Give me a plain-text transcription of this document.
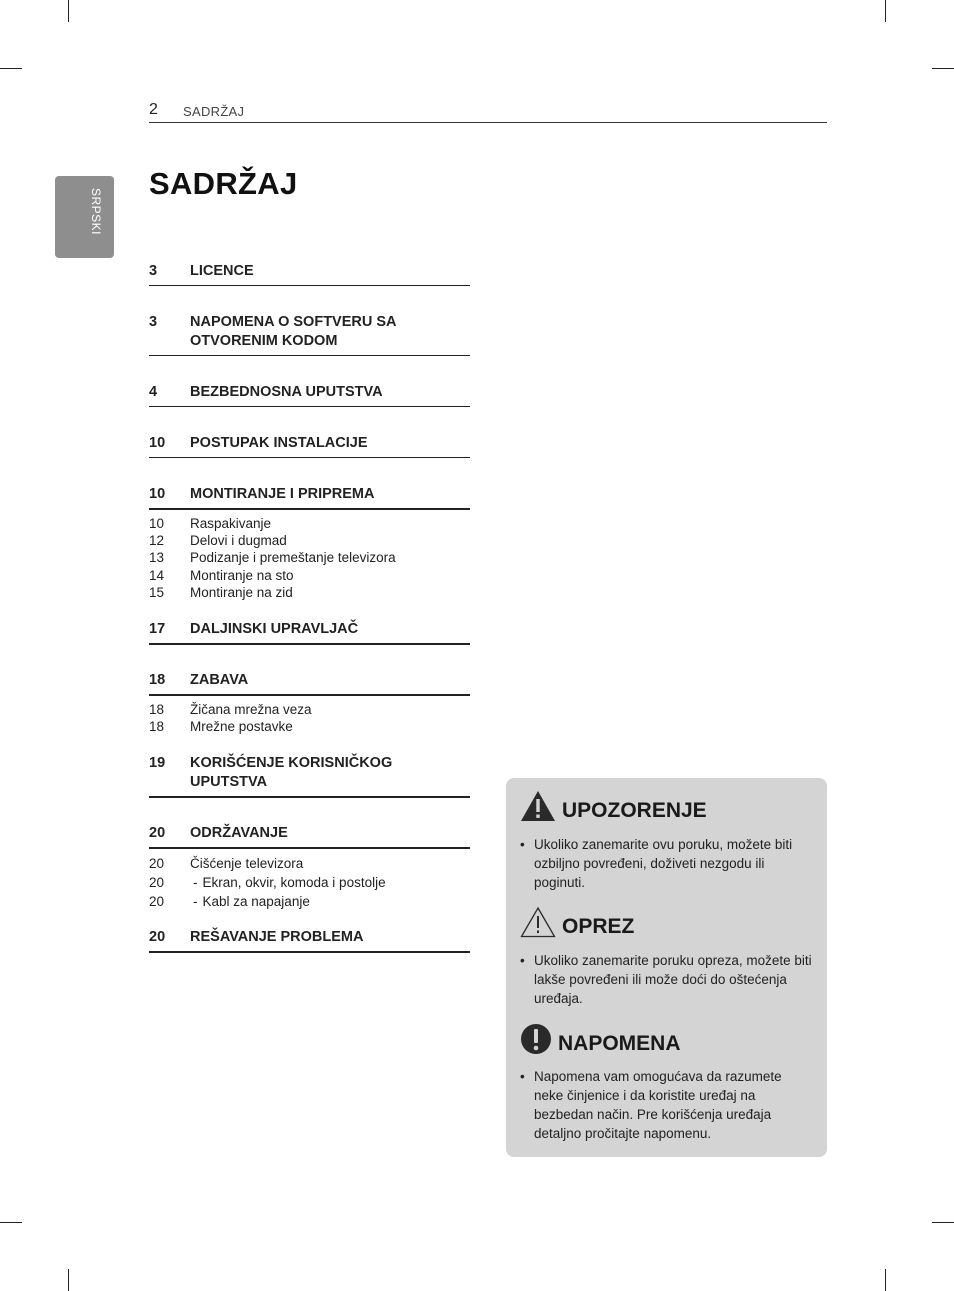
2 SADRŽAJ
SRPSKI
SADRŽAJ
3	LICENCE
3	NAPOMENA O SOFTVERU SA OTVORENIM KODOM
4	BEZBEDNOSNA UPUTSTVA
10	POSTUPAK INSTALACIJE
10	MONTIRANJE I PRIPREMA
10	Raspakivanje
12	Delovi i dugmad
13	Podizanje i premeštanje televizora
14	Montiranje na sto
15	Montiranje na zid
17	DALJINSKI UPRAVLJAČ
18	ZABAVA
18	Žičana mrežna veza
18	Mrežne postavke
19	KORIŠĆENJE KORISNIČKOG UPUTSTVA
20	ODRŽAVANJE
20	Čišćenje televizora
20	- Ekran, okvir, komoda i postolje
20	- Kabl za napajanje
20	REŠAVANJE PROBLEMA
UPOZORENJE
• Ukoliko zanemarite ovu poruku, možete biti ozbiljno povređeni, doživeti nezgodu ili poginuti.
OPREZ
• Ukoliko zanemarite poruku opreza, možete biti lakše povređeni ili može doći do oštećenja uređaja.
NAPOMENA
• Napomena vam omogućava da razumete neke činjenice i da koristite uređaj na bezbedan način. Pre korišćenja uređaja detaljno pročitajte napomenu.
